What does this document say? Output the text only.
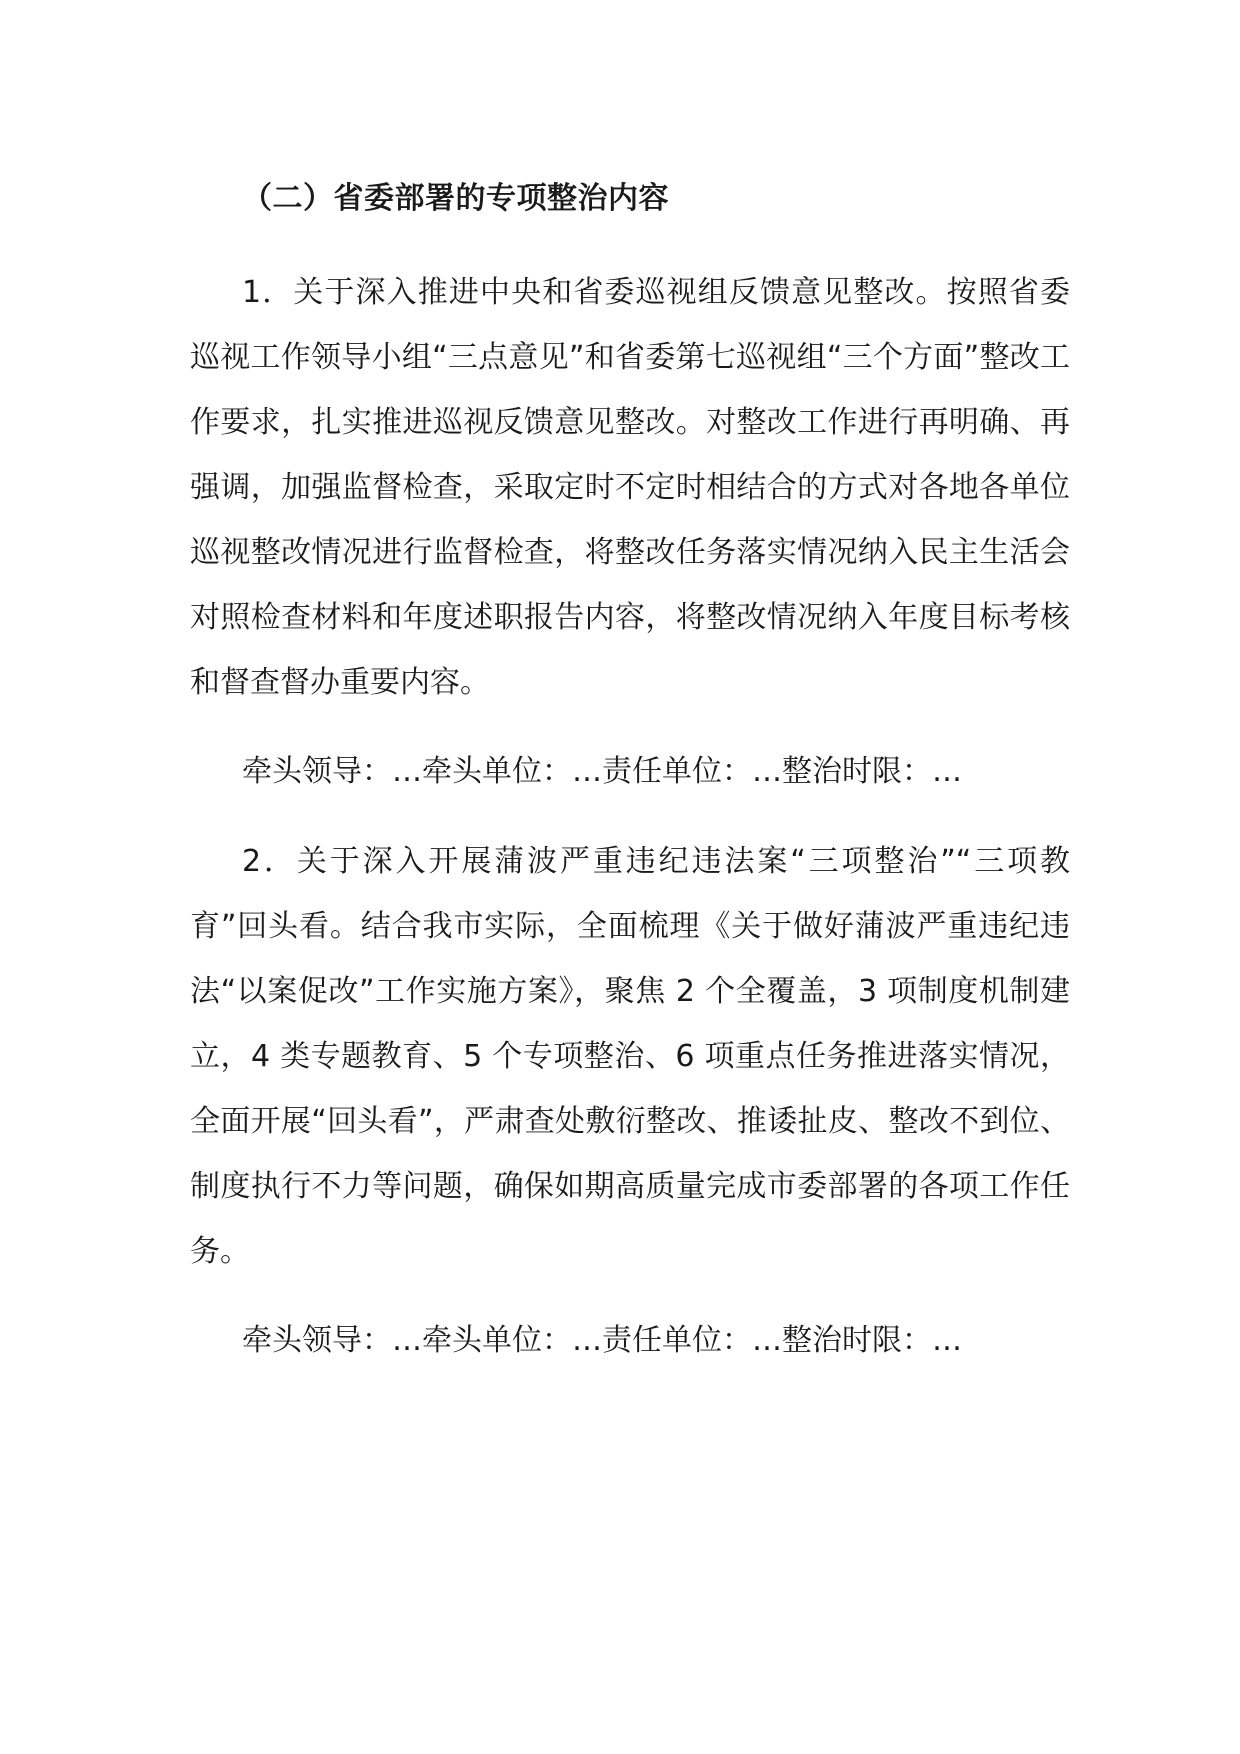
（二）省委部署的专项整治内容

1．关于深入推进中央和省委巡视组反馈意见整改。按照省委巡视工作领导小组“三点意见”和省委第七巡视组“三个方面”整改工作要求，扎实推进巡视反馈意见整改。对整改工作进行再明确、再强调，加强监督检查，采取定时不定时相结合的方式对各地各单位巡视整改情况进行监督检查，将整改任务落实情况纳入民主生活会对照检查材料和年度述职报告内容，将整改情况纳入年度目标考核和督查督办重要内容。

牵头领导：…牵头单位：…责任单位：…整治时限：…

2．关于深入开展蒲波严重违纪违法案“三项整治”“三项教育”回头看。结合我市实际，全面梳理《关于做好蒲波严重违纪违法“以案促改”工作实施方案》，聚焦 2 个全覆盖，3 项制度机制建立，4 类专题教育、5 个专项整治、6 项重点任务推进落实情况，全面开展“回头看”，严肃查处敷衍整改、推诿扯皮、整改不到位、制度执行不力等问题，确保如期高质量完成市委部署的各项工作任务。

牵头领导：…牵头单位：…责任单位：…整治时限：…
